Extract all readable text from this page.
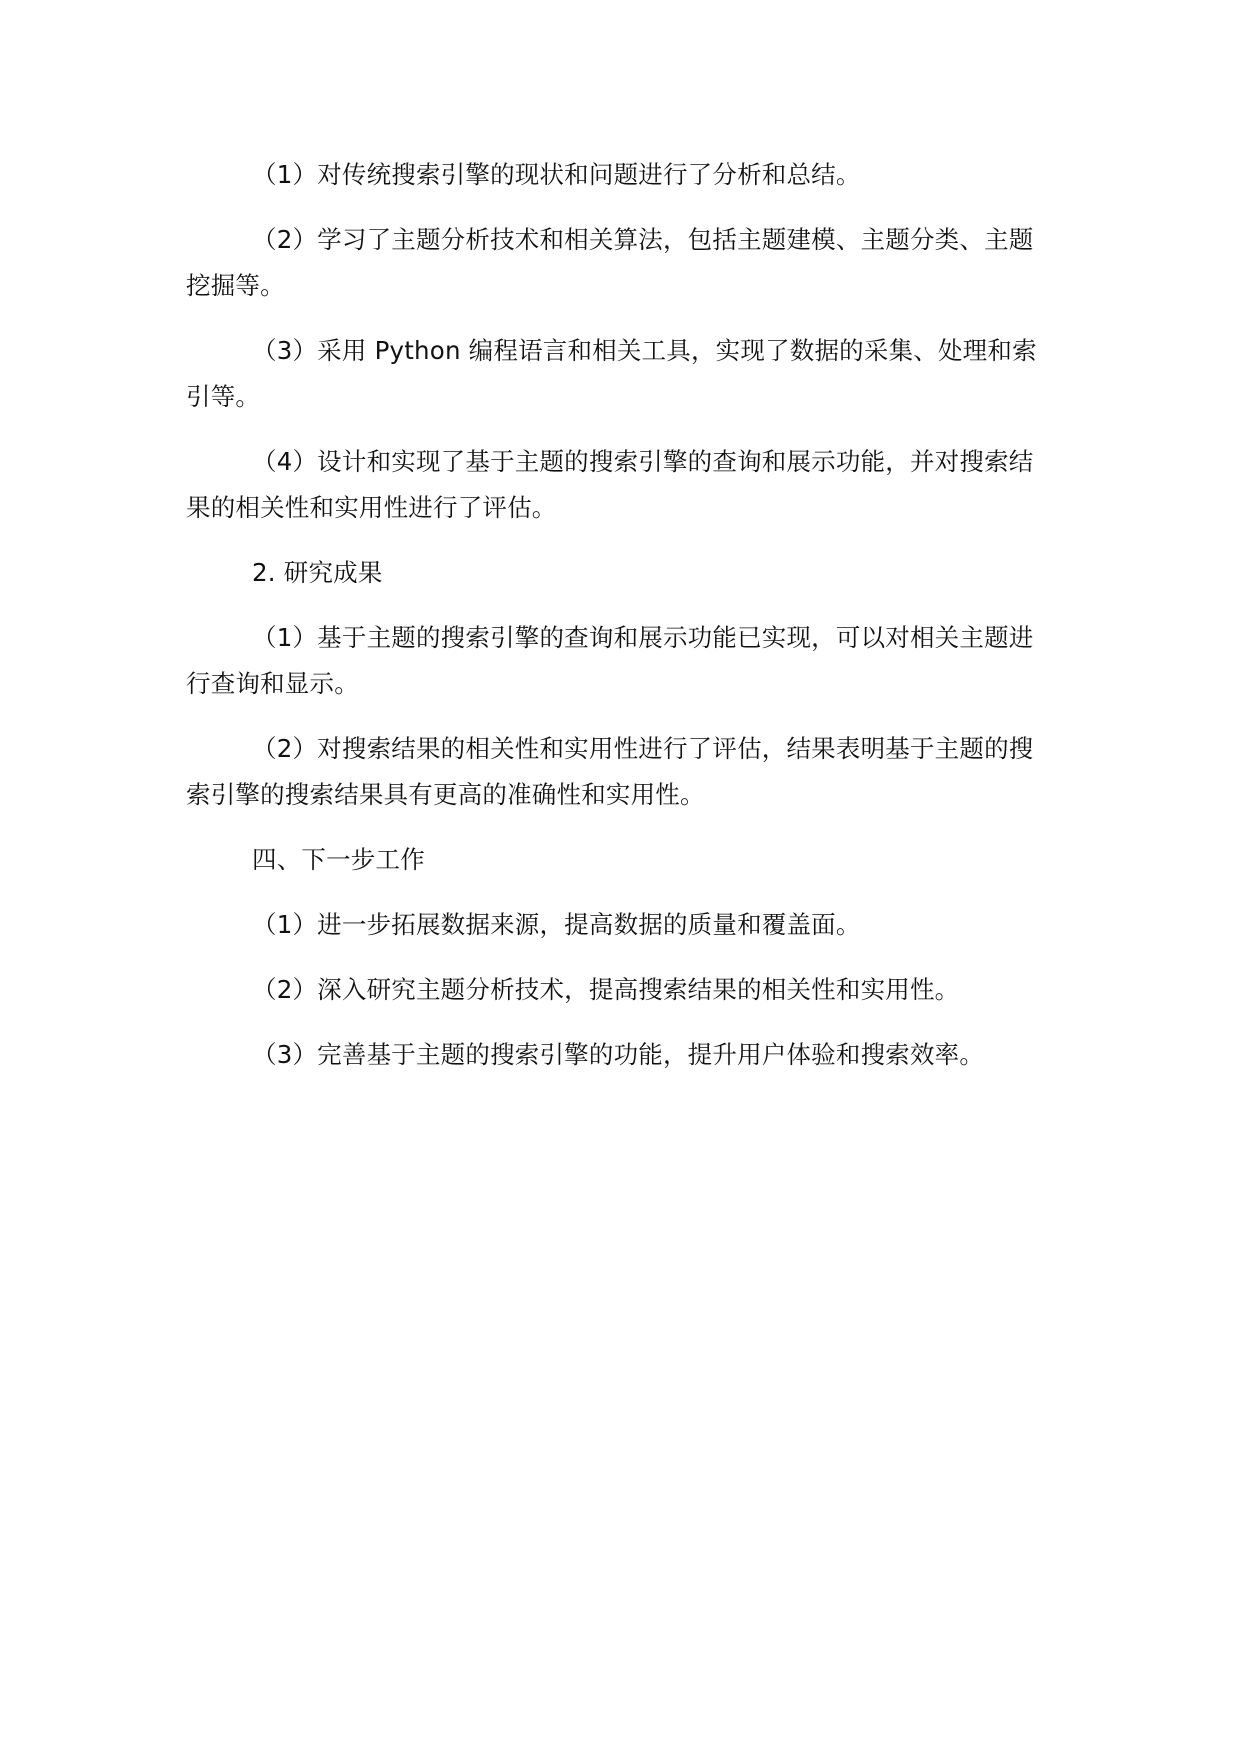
（1）对传统搜索引擎的现状和问题进行了分析和总结。

（2）学习了主题分析技术和相关算法，包括主题建模、主题分类、主题挖掘等。

（3）采用 Python 编程语言和相关工具，实现了数据的采集、处理和索引等。

（4）设计和实现了基于主题的搜索引擎的查询和展示功能，并对搜索结果的相关性和实用性进行了评估。

2. 研究成果

（1）基于主题的搜索引擎的查询和展示功能已实现，可以对相关主题进行查询和显示。

（2）对搜索结果的相关性和实用性进行了评估，结果表明基于主题的搜索引擎的搜索结果具有更高的准确性和实用性。

四、下一步工作

（1）进一步拓展数据来源，提高数据的质量和覆盖面。

（2）深入研究主题分析技术，提高搜索结果的相关性和实用性。

（3）完善基于主题的搜索引擎的功能，提升用户体验和搜索效率。
